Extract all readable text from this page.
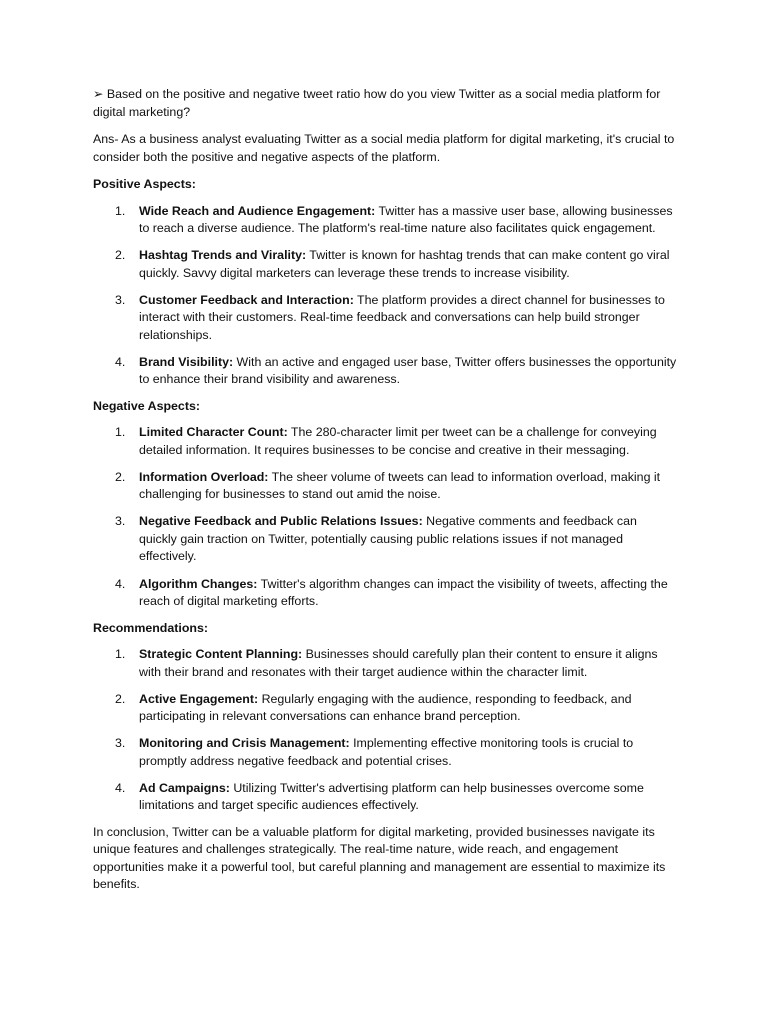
➢ Based on the positive and negative tweet ratio how do you view Twitter as a social media platform for digital marketing?

Ans- As a business analyst evaluating Twitter as a social media platform for digital marketing, it's crucial to consider both the positive and negative aspects of the platform.

Positive Aspects:

1. Wide Reach and Audience Engagement: Twitter has a massive user base, allowing businesses to reach a diverse audience. The platform's real-time nature also facilitates quick engagement.
2. Hashtag Trends and Virality: Twitter is known for hashtag trends that can make content go viral quickly. Savvy digital marketers can leverage these trends to increase visibility.
3. Customer Feedback and Interaction: The platform provides a direct channel for businesses to interact with their customers. Real-time feedback and conversations can help build stronger relationships.
4. Brand Visibility: With an active and engaged user base, Twitter offers businesses the opportunity to enhance their brand visibility and awareness.

Negative Aspects:

1. Limited Character Count: The 280-character limit per tweet can be a challenge for conveying detailed information. It requires businesses to be concise and creative in their messaging.
2. Information Overload: The sheer volume of tweets can lead to information overload, making it challenging for businesses to stand out amid the noise.
3. Negative Feedback and Public Relations Issues: Negative comments and feedback can quickly gain traction on Twitter, potentially causing public relations issues if not managed effectively.
4. Algorithm Changes: Twitter's algorithm changes can impact the visibility of tweets, affecting the reach of digital marketing efforts.

Recommendations:

1. Strategic Content Planning: Businesses should carefully plan their content to ensure it aligns with their brand and resonates with their target audience within the character limit.
2. Active Engagement: Regularly engaging with the audience, responding to feedback, and participating in relevant conversations can enhance brand perception.
3. Monitoring and Crisis Management: Implementing effective monitoring tools is crucial to promptly address negative feedback and potential crises.
4. Ad Campaigns: Utilizing Twitter's advertising platform can help businesses overcome some limitations and target specific audiences effectively.

In conclusion, Twitter can be a valuable platform for digital marketing, provided businesses navigate its unique features and challenges strategically. The real-time nature, wide reach, and engagement opportunities make it a powerful tool, but careful planning and management are essential to maximize its benefits.
